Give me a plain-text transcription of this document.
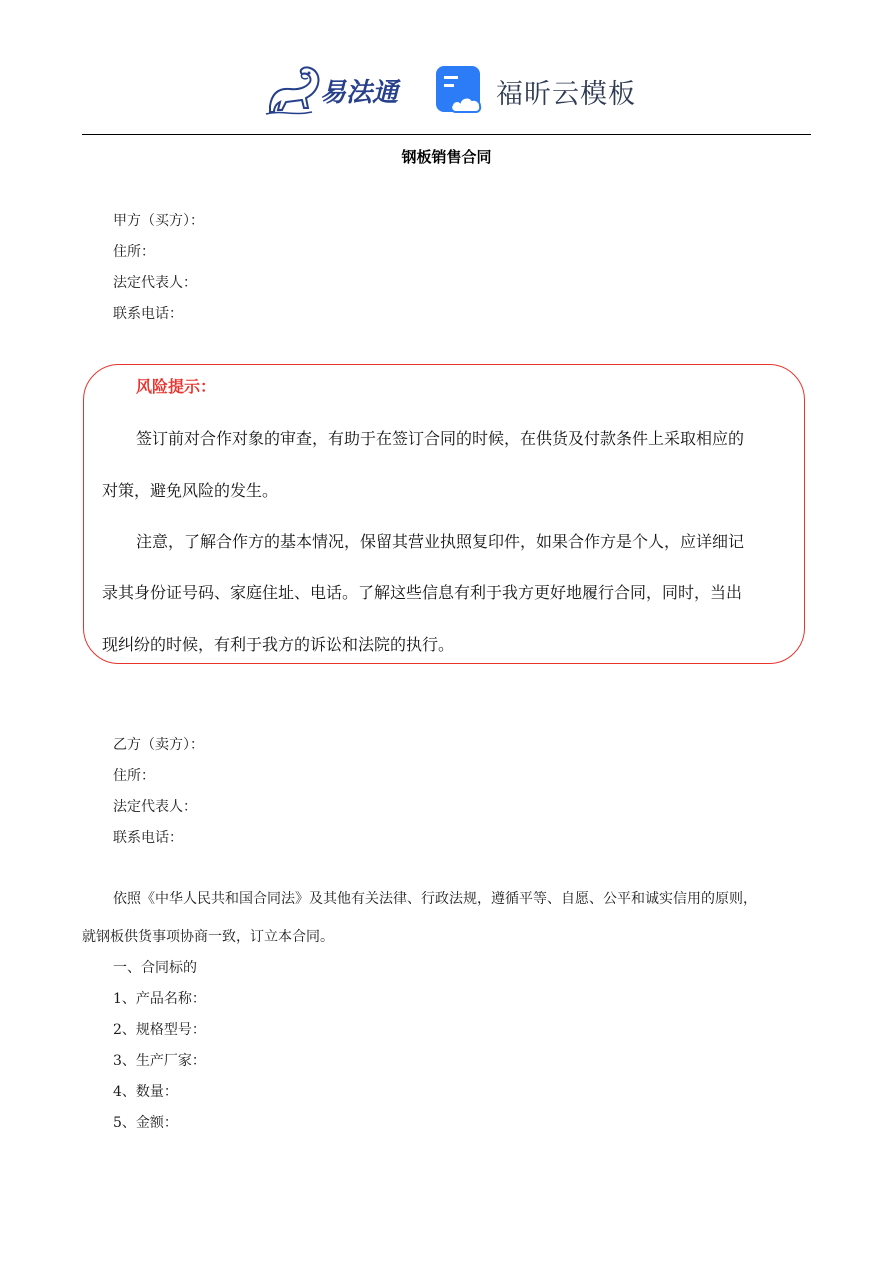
易法通	福昕云模板
钢板销售合同
甲方（买方）：
住所：
法定代表人：
联系电话：
风险提示：
签订前对合作对象的审查，有助于在签订合同的时候，在供货及付款条件上采取相应的
对策，避免风险的发生。
注意，了解合作方的基本情况，保留其营业执照复印件，如果合作方是个人，应详细记
录其身份证号码、家庭住址、电话。了解这些信息有利于我方更好地履行合同，同时，当出
现纠纷的时候，有利于我方的诉讼和法院的执行。
乙方（卖方）：
住所：
法定代表人：
联系电话：
依照《中华人民共和国合同法》及其他有关法律、行政法规，遵循平等、自愿、公平和诚实信用的原则，
就钢板供货事项协商一致，订立本合同。
一、合同标的
1、产品名称：
2、规格型号：
3、生产厂家：
4、数量：
5、金额：
